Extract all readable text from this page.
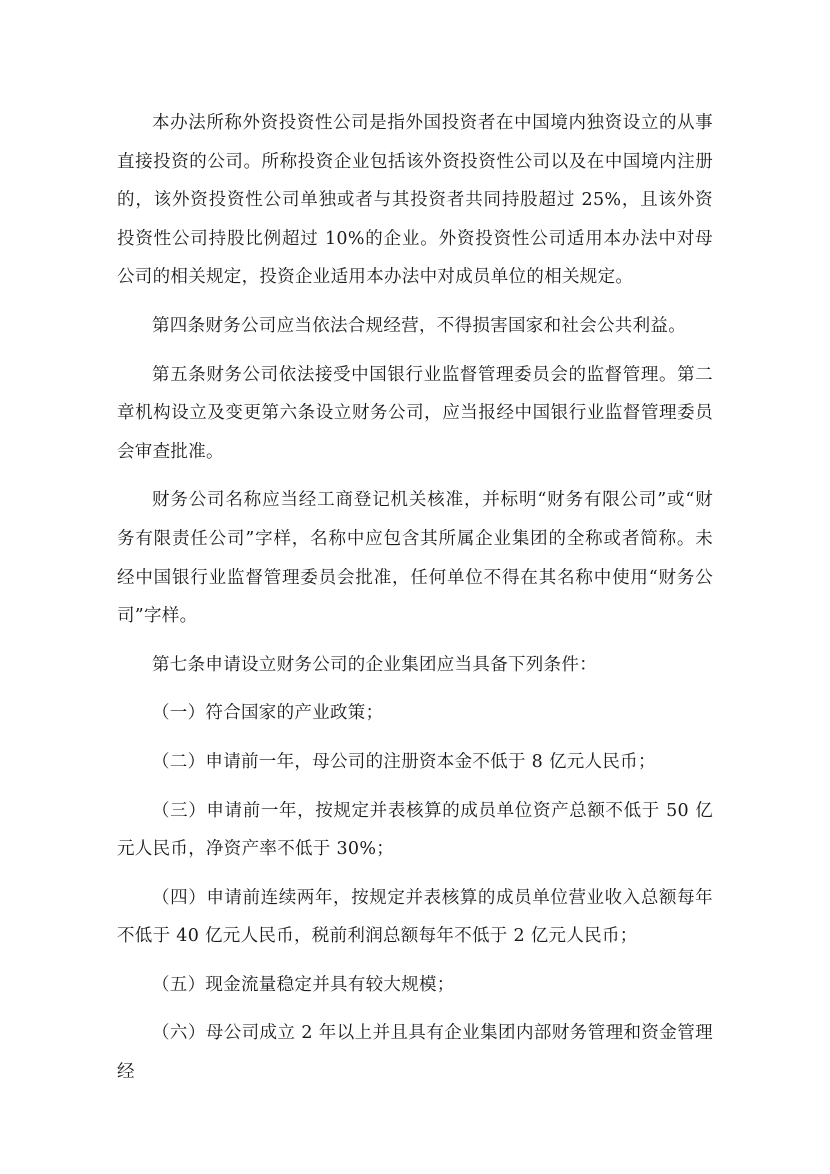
本办法所称外资投资性公司是指外国投资者在中国境内独资设立的从事直接投资的公司。所称投资企业包括该外资投资性公司以及在中国境内注册的，该外资投资性公司单独或者与其投资者共同持股超过 25%，且该外资投资性公司持股比例超过 10%的企业。外资投资性公司适用本办法中对母公司的相关规定，投资企业适用本办法中对成员单位的相关规定。

第四条财务公司应当依法合规经营，不得损害国家和社会公共利益。

第五条财务公司依法接受中国银行业监督管理委员会的监督管理。第二章机构设立及变更第六条设立财务公司，应当报经中国银行业监督管理委员会审查批准。

财务公司名称应当经工商登记机关核准，并标明“财务有限公司”或“财务有限责任公司”字样，名称中应包含其所属企业集团的全称或者简称。未经中国银行业监督管理委员会批准，任何单位不得在其名称中使用“财务公司”字样。

第七条申请设立财务公司的企业集团应当具备下列条件：

（一）符合国家的产业政策；

（二）申请前一年，母公司的注册资本金不低于 8 亿元人民币；

（三）申请前一年，按规定并表核算的成员单位资产总额不低于 50 亿元人民币，净资产率不低于 30%；

（四）申请前连续两年，按规定并表核算的成员单位营业收入总额每年不低于 40 亿元人民币，税前利润总额每年不低于 2 亿元人民币；

（五）现金流量稳定并具有较大规模；

（六）母公司成立 2 年以上并且具有企业集团内部财务管理和资金管理经
